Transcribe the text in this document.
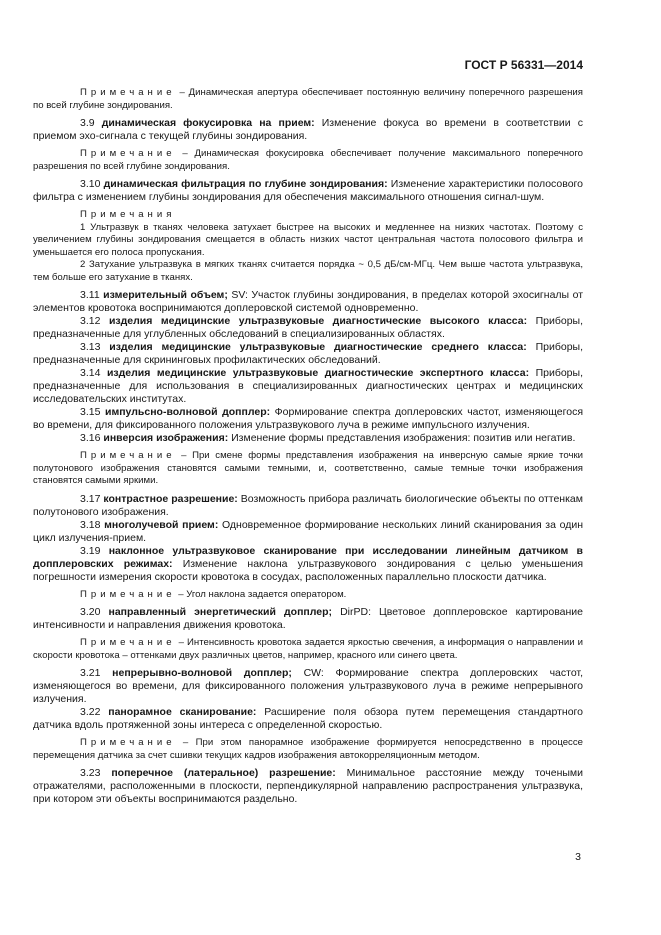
ГОСТ Р 56331—2014

Примечание – Динамическая апертура обеспечивает постоянную величину поперечного разрешения по всей глубине зондирования.

3.9 динамическая фокусировка на прием: Изменение фокуса во времени в соответствии с приемом эхо-сигнала с текущей глубины зондирования.

Примечание – Динамическая фокусировка обеспечивает получение максимального поперечного разрешения по всей глубине зондирования.

3.10 динамическая фильтрация по глубине зондирования: Изменение характеристики полосового фильтра с изменением глубины зондирования для обеспечения максимального отношения сигнал-шум.

Примечания

1 Ультразвук в тканях человека затухает быстрее на высоких и медленнее на низких частотах. Поэтому с увеличением глубины зондирования смещается в область низких частот центральная частота полосового фильтра и уменьшается его полоса пропускания.

2 Затухание ультразвука в мягких тканях считается порядка ~ 0,5 дБ/см-МГц. Чем выше частота ультразвука, тем больше его затухание в тканях.

3.11 измерительный объем; SV: Участок глубины зондирования, в пределах которой эхосигналы от элементов кровотока воспринимаются доплеровской системой одновременно.

3.12 изделия медицинские ультразвуковые диагностические высокого класса: Приборы, предназначенные для углубленных обследований в специализированных областях.

3.13 изделия медицинские ультразвуковые диагностические среднего класса: Приборы, предназначенные для скрининговых профилактических обследований.

3.14 изделия медицинские ультразвуковые диагностические экспертного класса: Приборы, предназначенные для использования в специализированных диагностических центрах и медицинских исследовательских институтах.

3.15 импульсно-волновой допплер: Формирование спектра доплеровских частот, изменяющегося во времени, для фиксированного положения ультразвукового луча в режиме импульсного излучения.

3.16 инверсия изображения: Изменение формы представления изображения: позитив или негатив.

Примечание – При смене формы представления изображения на инверсную самые яркие точки полутонового изображения становятся самыми темными, и, соответственно, самые темные точки изображения становятся самыми яркими.

3.17 контрастное разрешение: Возможность прибора различать биологические объекты по оттенкам полутонового изображения.

3.18 многолучевой прием: Одновременное формирование нескольких линий сканирования за один цикл излучения-прием.

3.19 наклонное ультразвуковое сканирование при исследовании линейным датчиком в допплеровских режимах: Изменение наклона ультразвукового зондирования с целью уменьшения погрешности измерения скорости кровотока в сосудах, расположенных параллельно плоскости датчика.

Примечание – Угол наклона задается оператором.

3.20 направленный энергетический допплер; DirPD: Цветовое допплеровское картирование интенсивности и направления движения кровотока.

Примечание – Интенсивность кровотока задается яркостью свечения, а информация о направлении и скорости кровотока – оттенками двух различных цветов, например, красного или синего цвета.

3.21 непрерывно-волновой допплер; CW: Формирование спектра доплеровских частот, изменяющегося во времени, для фиксированного положения ультразвукового луча в режиме непрерывного излучения.

3.22 панорамное сканирование: Расширение поля обзора путем перемещения стандартного датчика вдоль протяженной зоны интереса с определенной скоростью.

Примечание – При этом панорамное изображение формируется непосредственно в процессе перемещения датчика за счет сшивки текущих кадров изображения автокорреляционным методом.

3.23 поперечное (латеральное) разрешение: Минимальное расстояние между точеными отражателями, расположенными в плоскости, перпендикулярной направлению распространения ультразвука, при котором эти объекты воспринимаются раздельно.

3
